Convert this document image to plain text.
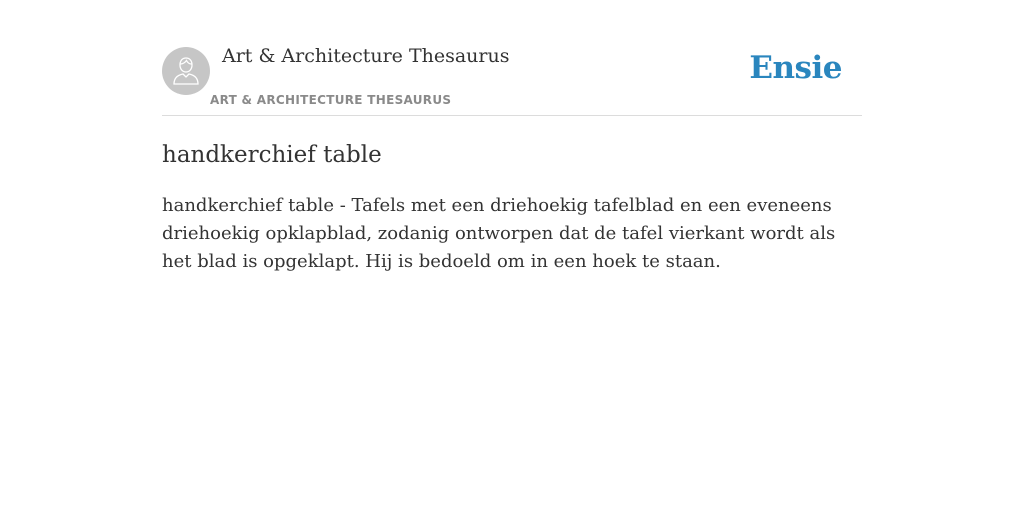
Art & Architecture Thesaurus
ART & ARCHITECTURE THESAURUS
Ensie
handkerchief table

handkerchief table - Tafels met een driehoekig tafelblad en een eveneens driehoekig opklapblad, zodanig ontworpen dat de tafel vierkant wordt als het blad is opgeklapt. Hij is bedoeld om in een hoek te staan.
